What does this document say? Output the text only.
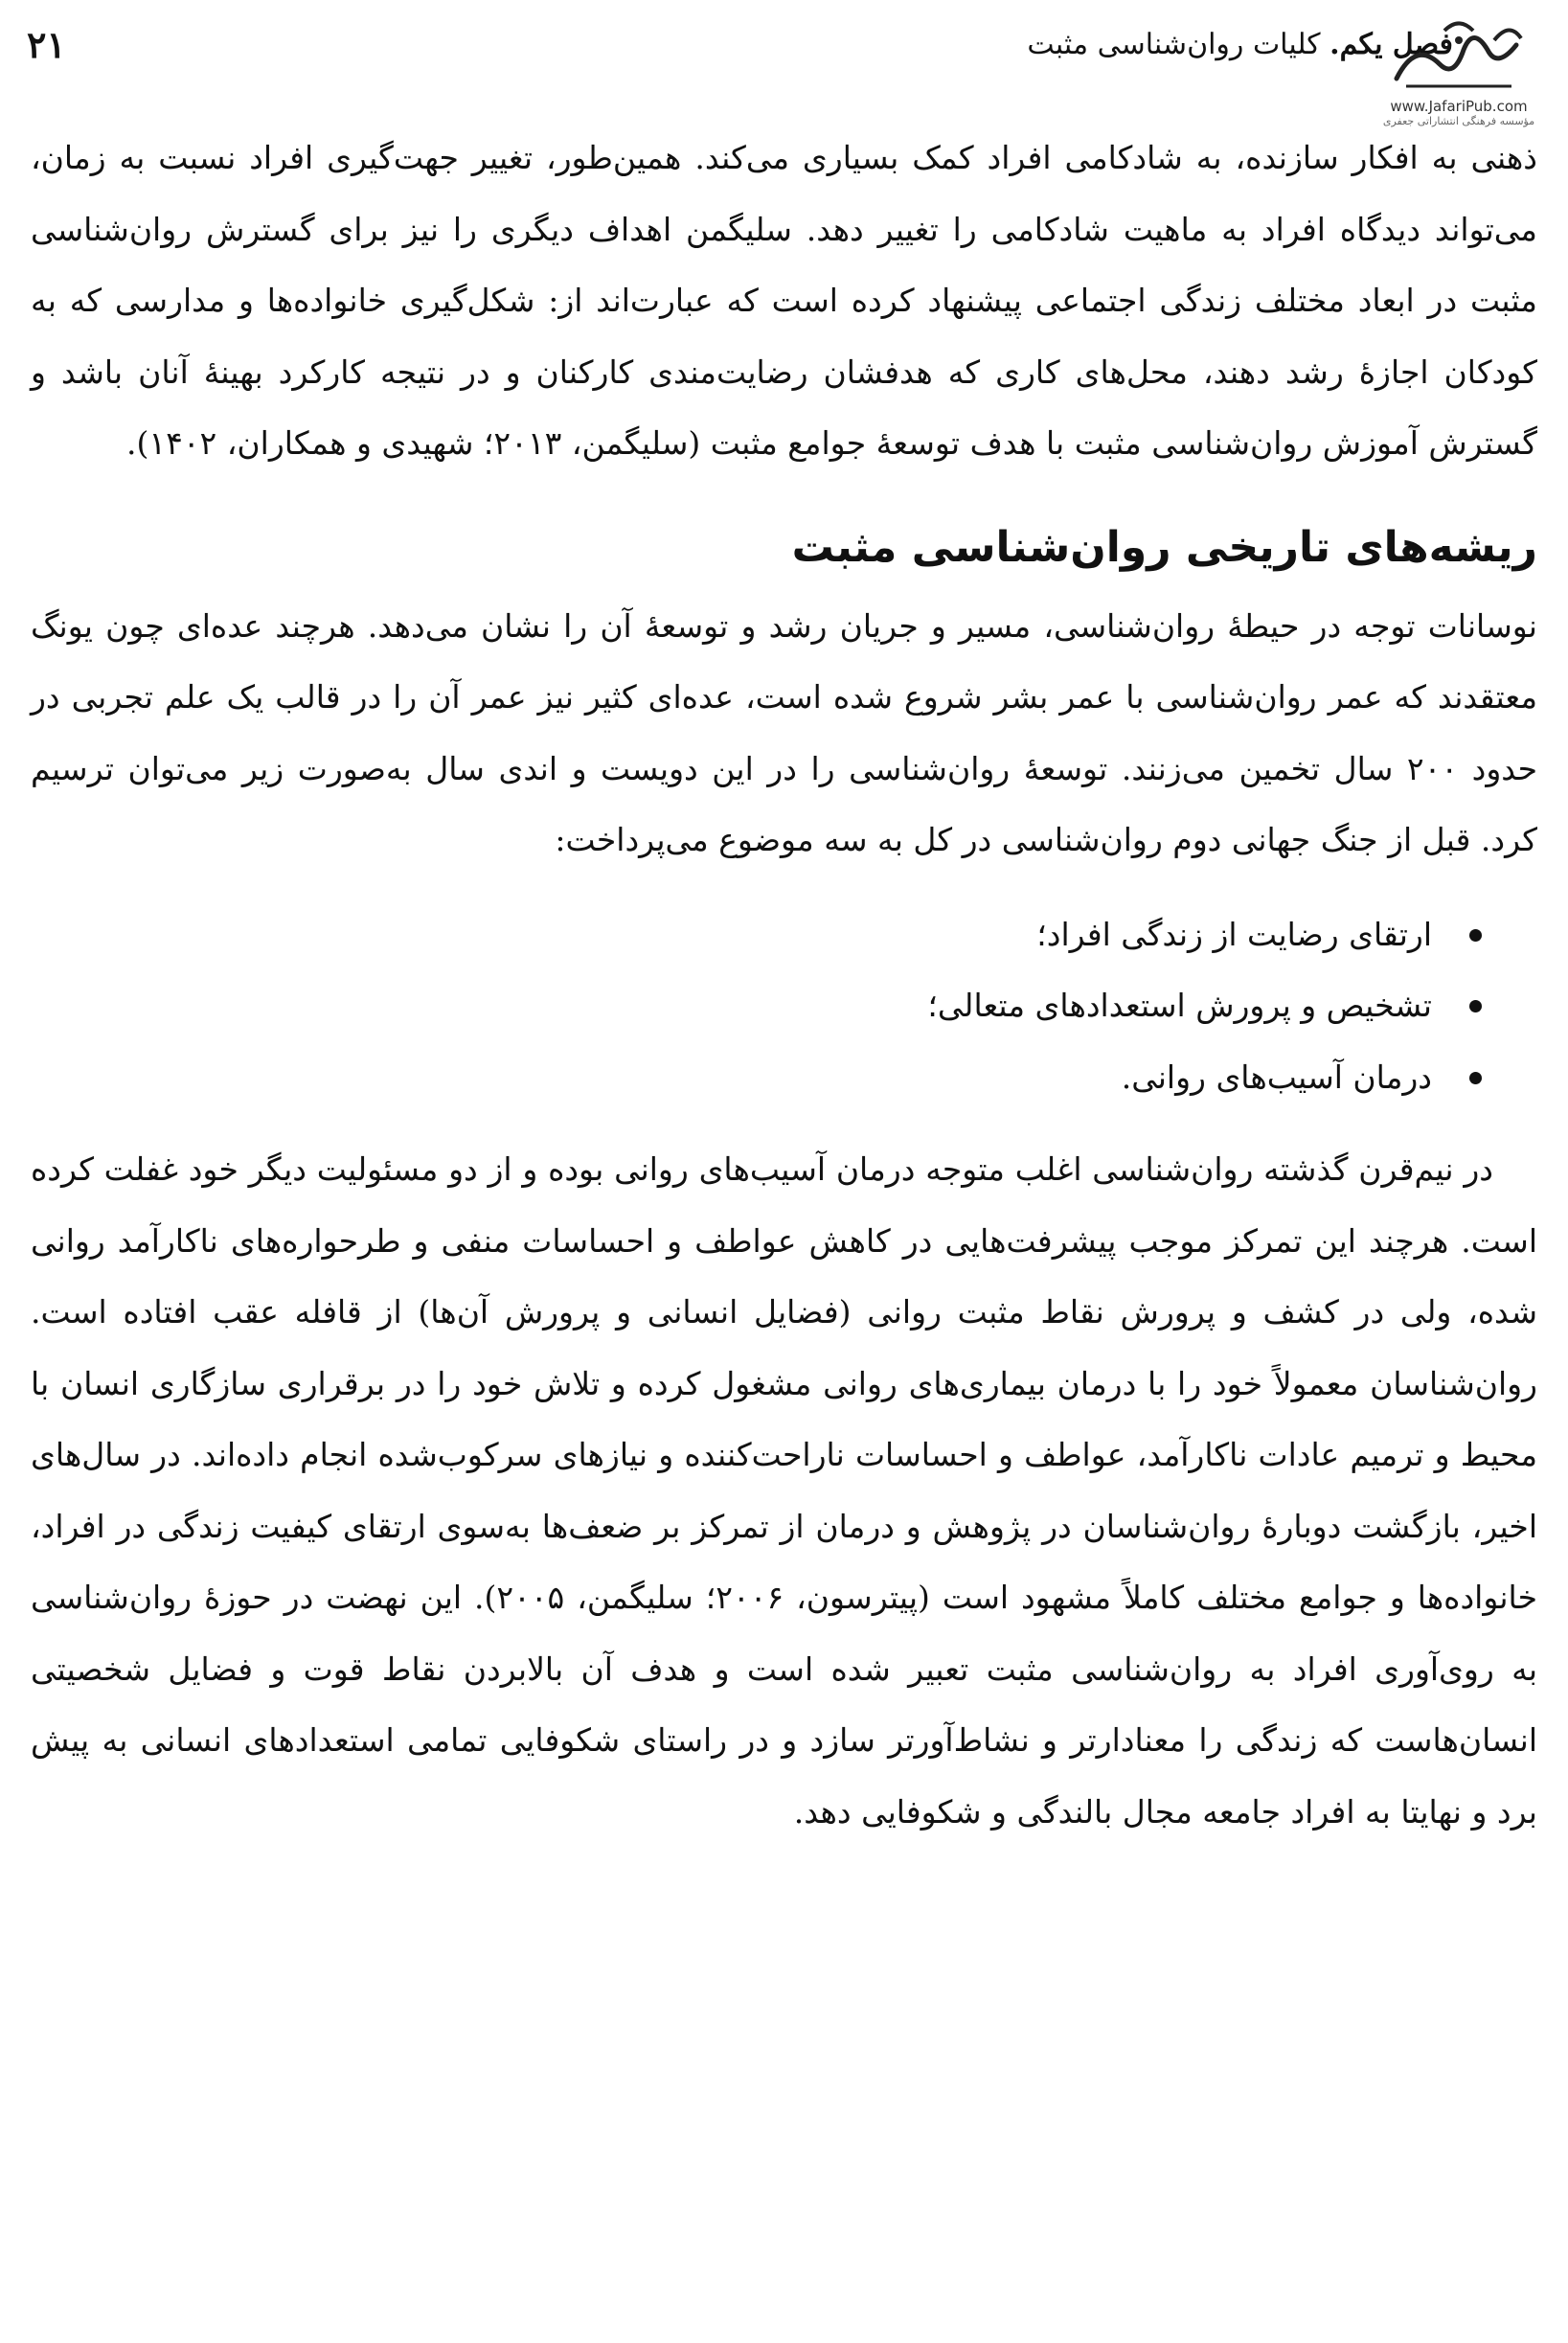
۲۱	فصل یکم. کلیات روان‌شناسی مثبت
www.JafariPub.com
مؤسسه فرهنگی انتشاراتی جعفری

ذهنی به افکار سازنده، به شادکامی افراد کمک بسیاری می‌کند. همین‌طور، تغییر جهت‌گیری افراد نسبت به زمان، می‌تواند دیدگاه افراد به ماهیت شادکامی را تغییر دهد. سلیگمن اهداف دیگری را نیز برای گسترش روان‌شناسی مثبت در ابعاد مختلف زندگی اجتماعی پیشنهاد کرده است که عبارت‌اند از: شکل‌گیری خانواده‌ها و مدارسی که به کودکان اجازهٔ رشد دهند، محل‌های کاری که هدفشان رضایت‌مندی کارکنان و در نتیجه کارکرد بهینهٔ آنان باشد و گسترش آموزش روان‌شناسی مثبت با هدف توسعهٔ جوامع مثبت (سلیگمن، ۲۰۱۳؛ شهیدی و همکاران، ۱۴۰۲).

ریشه‌های تاریخی روان‌شناسی مثبت

نوسانات توجه در حیطهٔ روان‌شناسی، مسیر و جریان رشد و توسعهٔ آن را نشان می‌دهد. هرچند عده‌ای چون یونگ معتقدند که عمر روان‌شناسی با عمر بشر شروع شده است، عده‌ای کثیر نیز عمر آن را در قالب یک علم تجربی در حدود ۲۰۰ سال تخمین می‌زنند. توسعهٔ روان‌شناسی را در این دویست و اندی سال به‌صورت زیر می‌توان ترسیم کرد. قبل از جنگ جهانی دوم روان‌شناسی در کل به سه موضوع می‌پرداخت:

ارتقای رضایت از زندگی افراد؛
تشخیص و پرورش استعدادهای متعالی؛
درمان آسیب‌های روانی.

در نیم‌قرن گذشته روان‌شناسی اغلب متوجه درمان آسیب‌های روانی بوده و از دو مسئولیت دیگر خود غفلت کرده است. هرچند این تمرکز موجب پیشرفت‌هایی در کاهش عواطف و احساسات منفی و طرحواره‌های ناکارآمد روانی شده، ولی در کشف و پرورش نقاط مثبت روانی (فضایل انسانی و پرورش آن‌ها) از قافله عقب افتاده است. روان‌شناسان معمولاً خود را با درمان بیماری‌های روانی مشغول کرده و تلاش خود را در برقراری سازگاری انسان با محیط و ترمیم عادات ناکارآمد، عواطف و احساسات ناراحت‌کننده و نیازهای سرکوب‌شده انجام داده‌اند. در سال‌های اخیر، بازگشت دوبارهٔ روان‌شناسان در پژوهش و درمان از تمرکز بر ضعف‌ها به‌سوی ارتقای کیفیت زندگی در افراد، خانواده‌ها و جوامع مختلف کاملاً مشهود است (پیترسون، ۲۰۰۶؛ سلیگمن، ۲۰۰۵). این نهضت در حوزهٔ روان‌شناسی به روی‌آوری افراد به روان‌شناسی مثبت تعبیر شده است و هدف آن بالابردن نقاط قوت و فضایل شخصیتی انسان‌هاست که زندگی را معنادارتر و نشاط‌آورتر سازد و در راستای شکوفایی تمامی استعدادهای انسانی به پیش برد و نهایتا به افراد جامعه مجال بالندگی و شکوفایی دهد.
